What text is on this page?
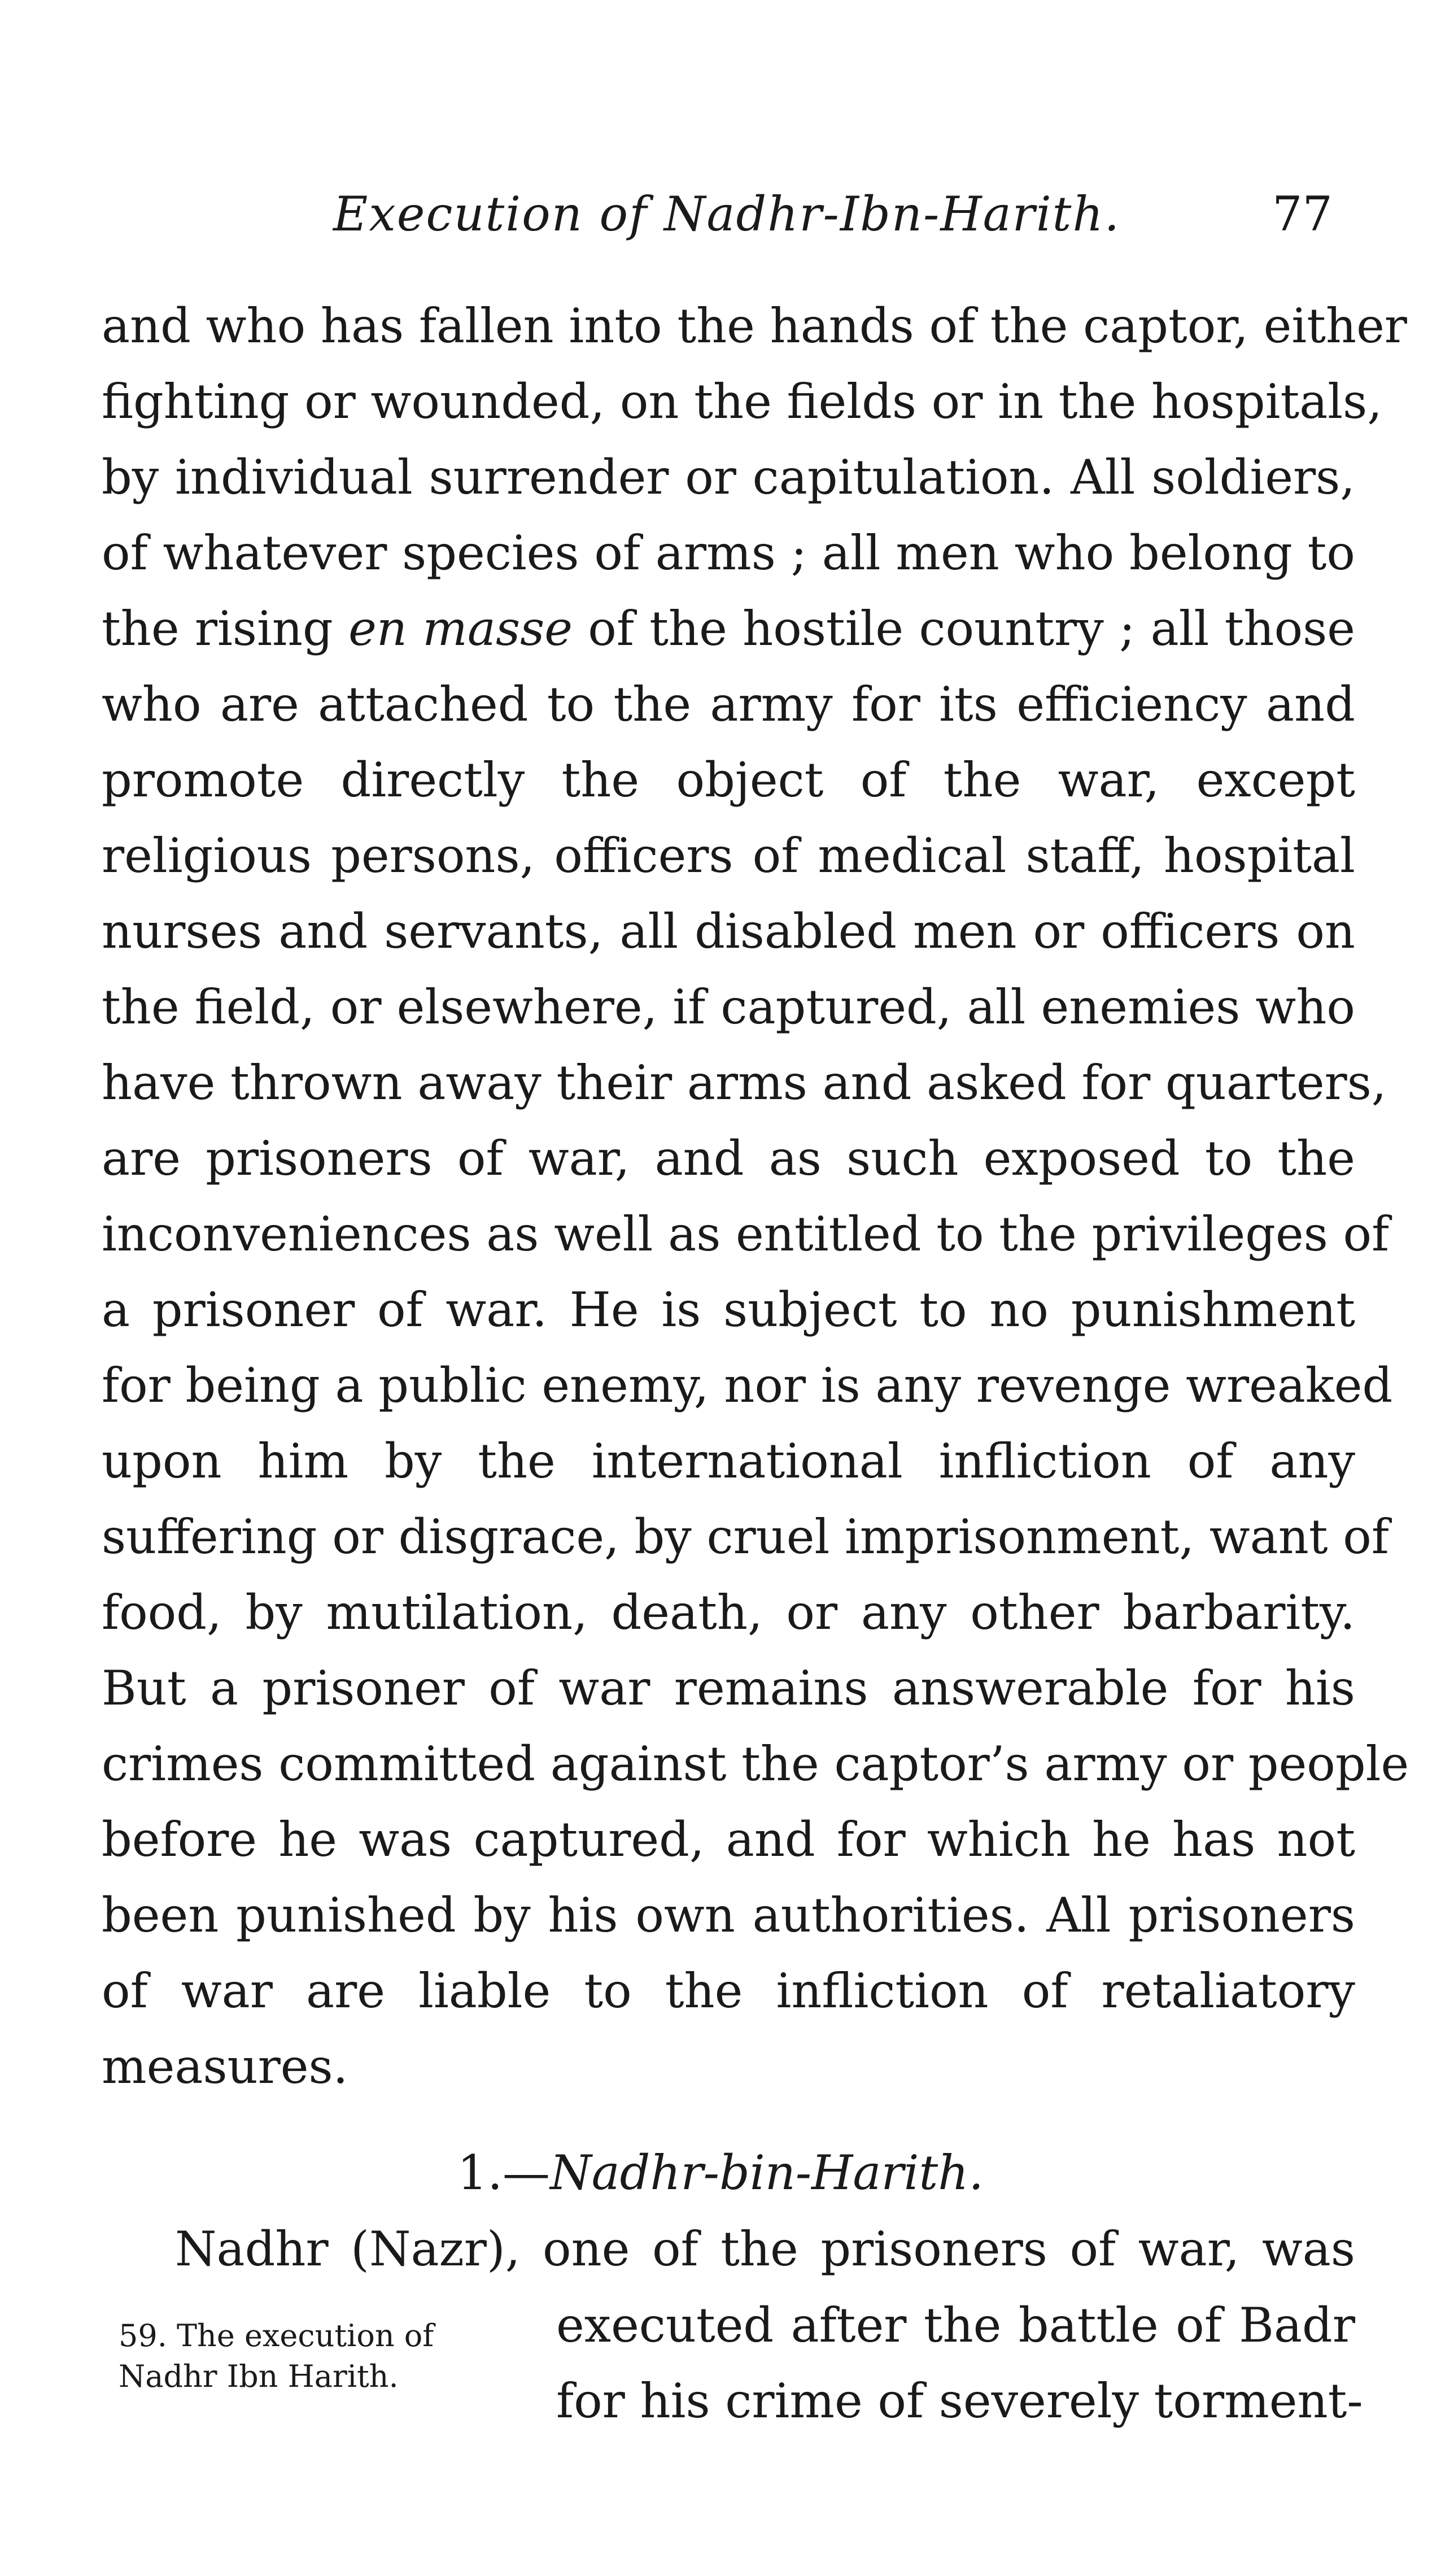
Execution of Nadhr-Ibn-Harith.	77
and who has fallen into the hands of the captor, either
fighting or wounded, on the fields or in the hospitals,
by individual surrender or capitulation. All soldiers,
of whatever species of arms ; all men who belong to
the rising en masse of the hostile country ; all those
who are attached to the army for its efficiency and
promote directly the object of the war, except
religious persons, officers of medical staff, hospital
nurses and servants, all disabled men or officers on
the field, or elsewhere, if captured, all enemies who
have thrown away their arms and asked for quarters,
are prisoners of war, and as such exposed to the
inconveniences as well as entitled to the privileges of
a prisoner of war. He is subject to no punishment
for being a public enemy, nor is any revenge wreaked
upon him by the international infliction of any
suffering or disgrace, by cruel imprisonment, want of
food, by mutilation, death, or any other barbarity.
But a prisoner of war remains answerable for his
crimes committed against the captor’s army or people
before he was captured, and for which he has not
been punished by his own authorities. All prisoners
of war are liable to the infliction of retaliatory
measures.
1.—Nadhr-bin-Harith.
Nadhr (Nazr), one of the prisoners of war, was
executed after the battle of Badr
for his crime of severely torment-
59. The execution of
Nadhr Ibn Harith.
